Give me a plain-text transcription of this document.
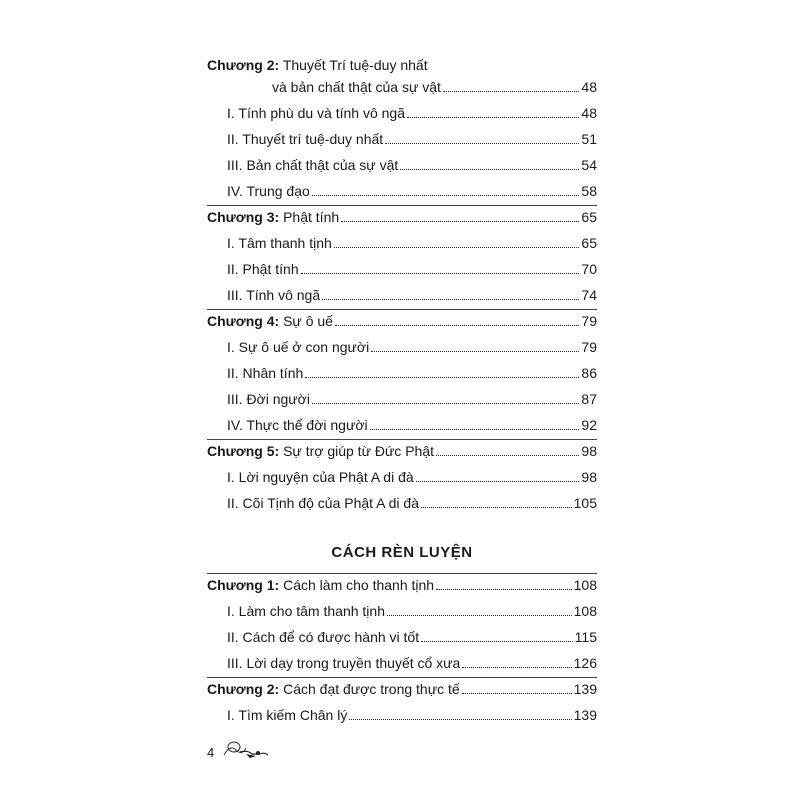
Chương 2: Thuyết Trí tuệ-duy nhất
và bản chất thật của sự vật	48
I. Tính phù du và tính vô ngã	48
II. Thuyết trí tuệ-duy nhất	51
III. Bản chất thật của sự vật	54
IV. Trung đạo	58
Chương 3: Phật tính	65
I. Tâm thanh tịnh	65
II. Phật tính	70
III. Tính vô ngã	74
Chương 4: Sự ô uế	79
I. Sự ô uế ở con người	79
II. Nhân tính	86
III. Đời người	87
IV. Thực thể đời người	92
Chương 5: Sự trợ giúp từ Đức Phật	98
I. Lời nguyện của Phật A di đà	98
II. Cõi Tịnh độ của Phật A di đà	105
CÁCH RÈN LUYỆN
Chương 1: Cách làm cho thanh tịnh	108
I. Làm cho tâm thanh tịnh	108
II. Cách để có được hành vi tốt	115
III. Lời dạy trong truyền thuyết cổ xưa	126
Chương 2: Cách đạt được trong thực tế	139
I. Tìm kiếm Chân lý	139
4
